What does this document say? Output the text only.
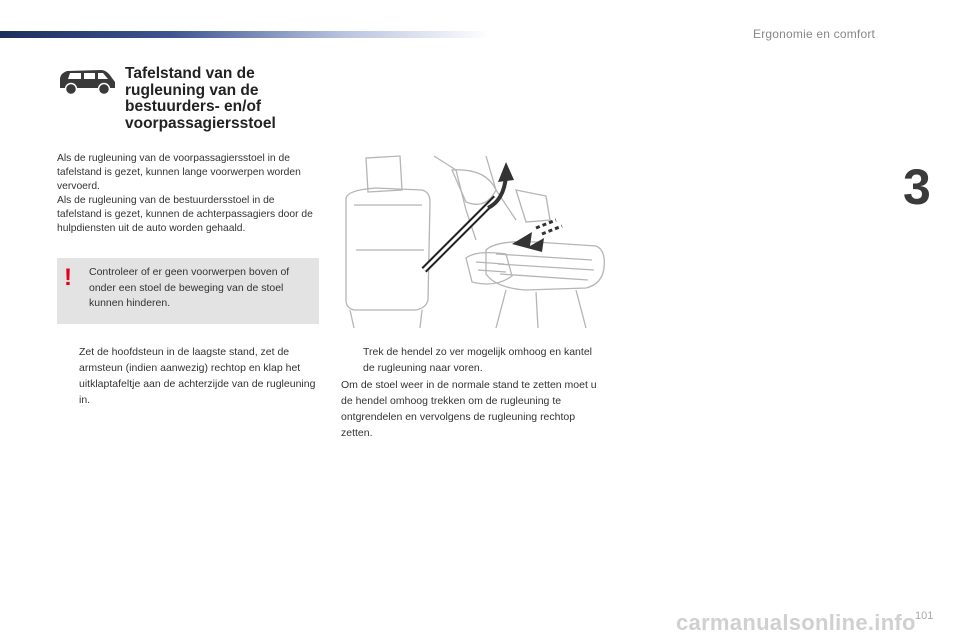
Ergonomie en comfort
3
Tafelstand van de rugleuning van de bestuurders- en/of voorpassagiersstoel

Als de rugleuning van de voorpassagiersstoel in de tafelstand is gezet, kunnen lange voorwerpen worden vervoerd.

Als de rugleuning van de bestuurdersstoel in de tafelstand is gezet, kunnen de achterpassagiers door de hulpdiensten uit de auto worden gehaald.

! Controleer of er geen voorwerpen boven of onder een stoel de beweging van de stoel kunnen hinderen.
Zet de hoofdsteun in de laagste stand, zet de armsteun (indien aanwezig) rechtop en klap het uitklaptafeltje aan de achterzijde van de rugleuning in.
Trek de hendel zo ver mogelijk omhoog en kantel de rugleuning naar voren.
Om de stoel weer in de normale stand te zetten moet u de hendel omhoog trekken om de rugleuning te ontgrendelen en vervolgens de rugleuning rechtop zetten.
carmanualsonline.info 101
